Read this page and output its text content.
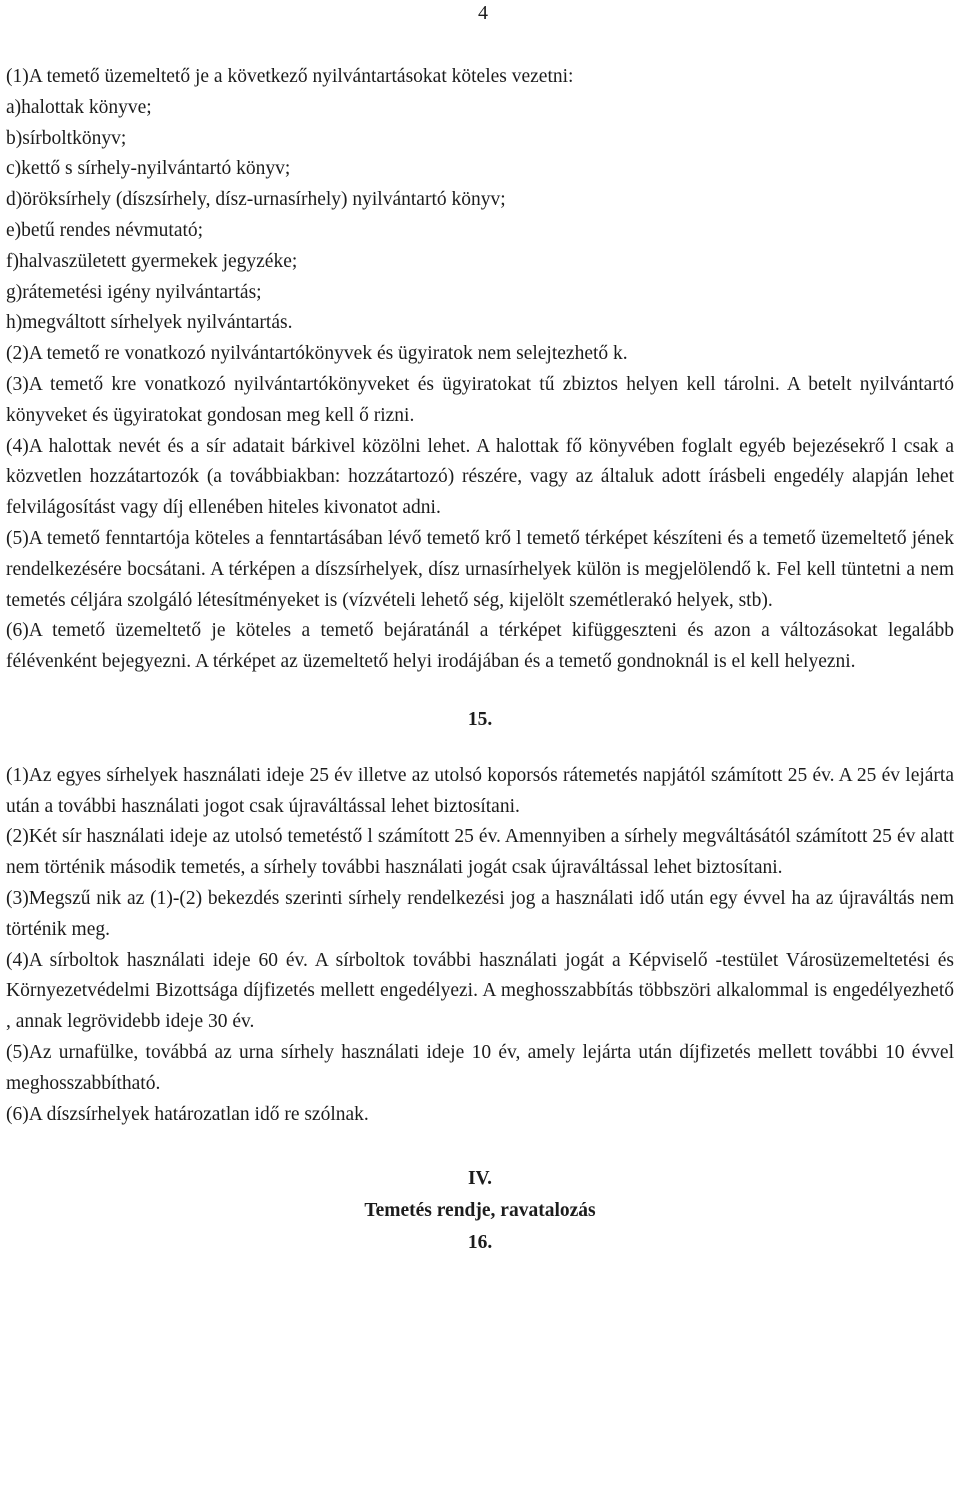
4

(1)A temető üzemeltető je a következő nyilvántartásokat köteles vezetni:

a)halottak könyve;

b)sírboltkönyv;

c)kettő s sírhely-nyilvántartó könyv;

d)öröksírhely (díszsírhely, dísz-urnasírhely) nyilvántartó könyv;

e)betű rendes névmutató;

f)halvaszületett gyermekek jegyzéke;

g)rátemetési igény nyilvántartás;

h)megváltott sírhelyek nyilvántartás.

(2)A temető re vonatkozó nyilvántartókönyvek és ügyiratok nem selejtezhető k.

(3)A temető kre vonatkozó nyilvántartókönyveket és ügyiratokat tű zbiztos helyen kell tárolni. A betelt nyilvántartó könyveket és ügyiratokat gondosan meg kell ő rizni.

(4)A halottak nevét és a sír adatait bárkivel közölni lehet. A halottak fő könyvében foglalt egyéb bejezésekrő l csak a közvetlen hozzátartozók (a továbbiakban: hozzátartozó) részére, vagy az általuk adott írásbeli engedély alapján lehet felvilágosítást vagy díj ellenében hiteles kivonatot adni.

(5)A temető fenntartója köteles a fenntartásában lévő temető krő l temető térképet készíteni és a temető üzemeltető jének rendelkezésére bocsátani. A térképen a díszsírhelyek, dísz urnasírhelyek külön is megjelölendő k. Fel kell tüntetni a nem temetés céljára szolgáló létesítményeket is (vízvételi lehető ség, kijelölt szemétlerakó helyek, stb).

(6)A temető üzemeltető je köteles a temető bejáratánál a térképet kifüggeszteni és azon a változásokat legalább félévenként bejegyezni. A térképet az üzemeltető helyi irodájában és a temető gondnoknál is el kell helyezni.

15.

(1)Az egyes sírhelyek használati ideje 25 év illetve az utolsó koporsós rátemetés napjától számított 25 év. A 25 év lejárta után a további használati jogot csak újraváltással lehet biztosítani.

(2)Két sír használati ideje az utolsó temetéstő l számított 25 év. Amennyiben a sírhely megváltásától számított 25 év alatt nem történik második temetés, a sírhely további használati jogát csak újraváltással lehet biztosítani.

(3)Megszű nik az (1)-(2) bekezdés szerinti sírhely rendelkezési jog a használati idő után egy évvel ha az újraváltás nem történik meg.

(4)A sírboltok használati ideje 60 év. A sírboltok további használati jogát a Képviselő -testület Városüzemeltetési és Környezetvédelmi Bizottsága díjfizetés mellett engedélyezi. A meghosszabbítás többszöri alkalommal is engedélyezhető , annak legrövidebb ideje 30 év.

(5)Az urnafülke, továbbá az urna sírhely használati ideje 10 év, amely lejárta után díjfizetés mellett további 10 évvel meghosszabbítható.

(6)A díszsírhelyek határozatlan idő re szólnak.

IV.

Temetés rendje, ravatalozás

16.
